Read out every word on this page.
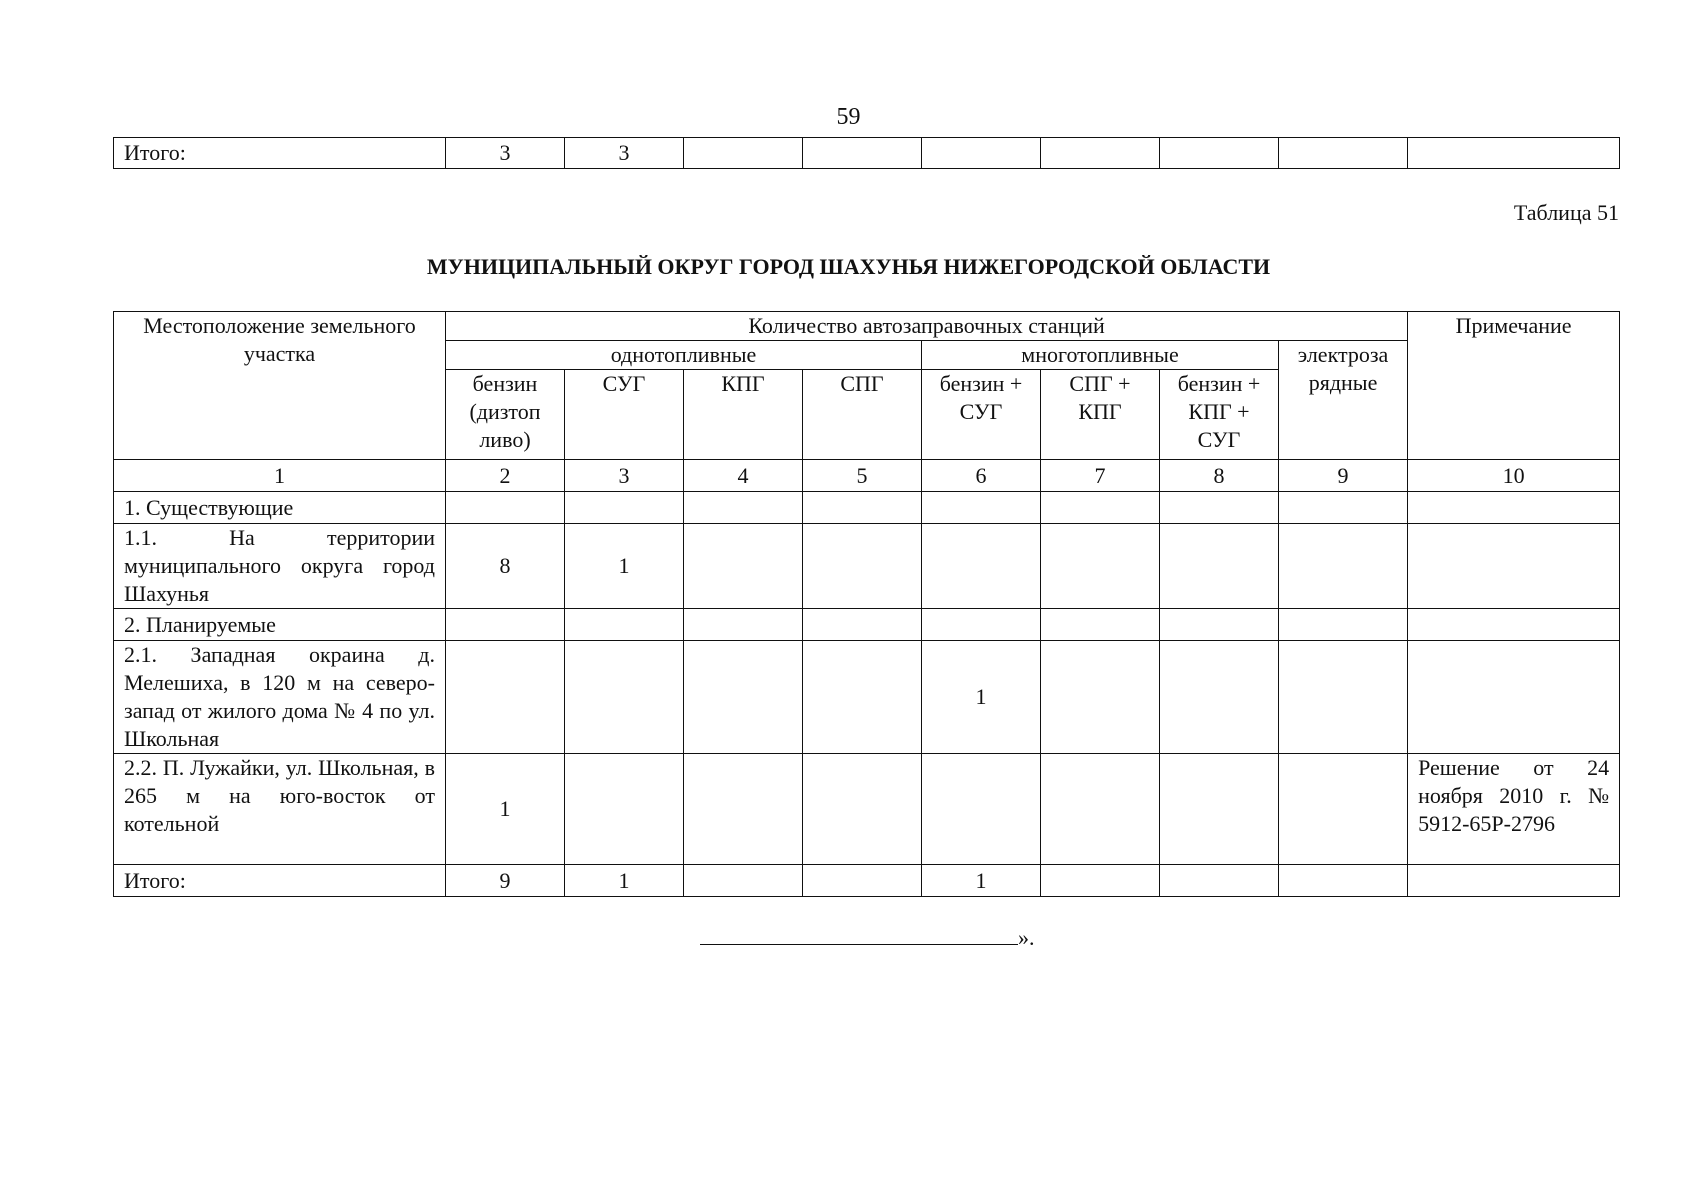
59
Итого:	3	3							
Таблица 51
МУНИЦИПАЛЬНЫЙ ОКРУГ ГОРОД ШАХУНЬЯ НИЖЕГОРОДСКОЙ ОБЛАСТИ
Местоположение земельного участка	Количество автозаправочных станций								Примечание
	однотопливные				многотопливные			электроза рядные	
	бензин (дизтоп ливо)	СУГ	КПГ	СПГ	бензин + СУГ	СПГ + КПГ	бензин + КПГ + СУГ		
1	2	3	4	5	6	7	8	9	10
1. Существующие									
1.1. На территории муниципального округа город Шахунья	8	1							
2. Планируемые									
2.1. Западная окраина д. Мелешиха, в 120 м на северо-запад от жилого дома № 4 по ул. Школьная					1				
2.2. П. Лужайки, ул. Школьная, в 265 м на юго-восток от котельной	1								Решение от 24 ноября 2010 г. № 5912-65Р-2796
Итого:	9	1			1				
».
